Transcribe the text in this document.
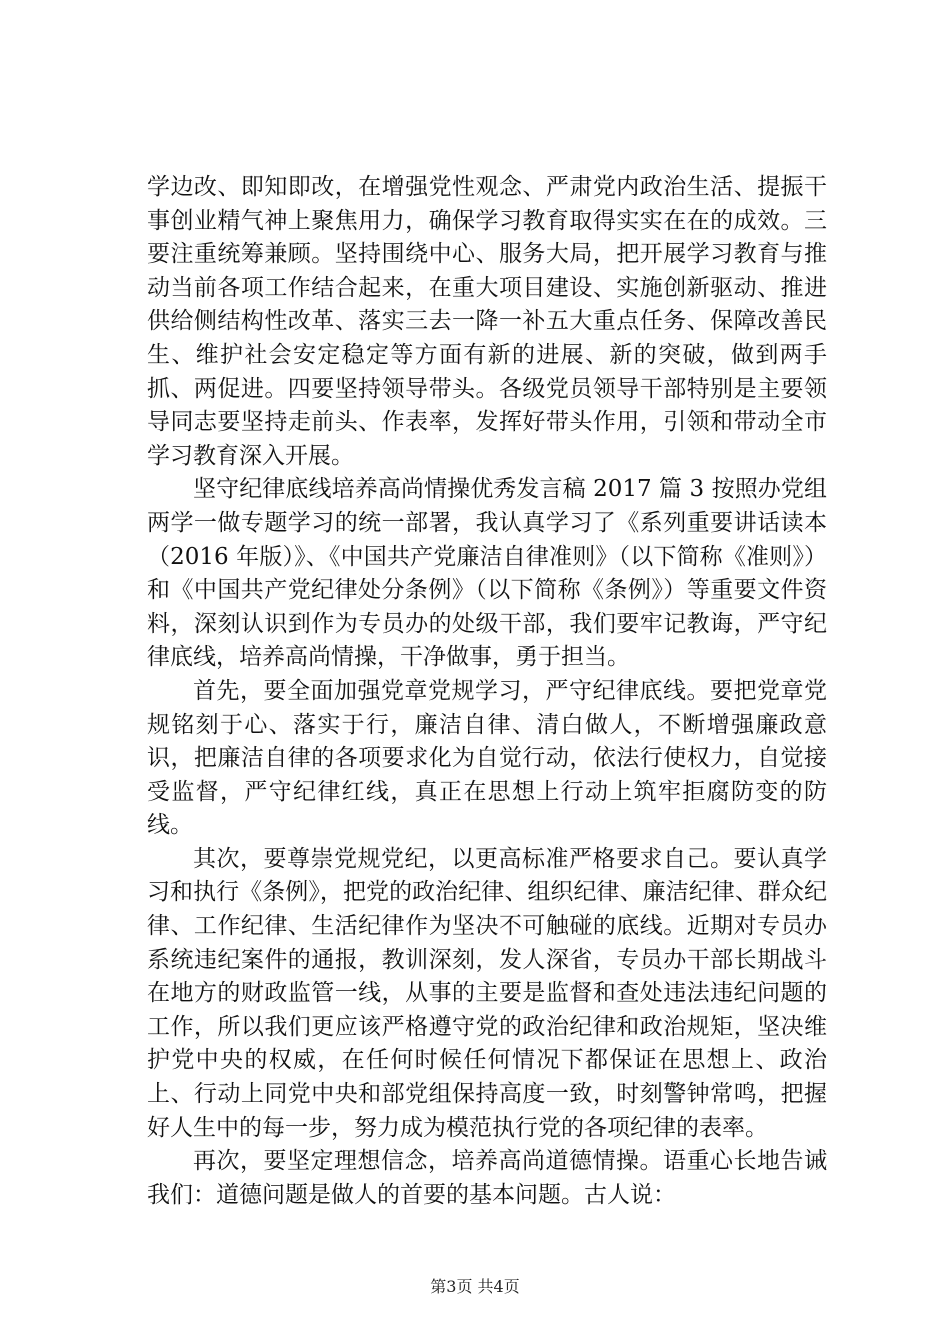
学边改、即知即改，在增强党性观念、严肃党内政治生活、提振干事创业精气神上聚焦用力，确保学习教育取得实实在在的成效。三要注重统筹兼顾。坚持围绕中心、服务大局，把开展学习教育与推动当前各项工作结合起来，在重大项目建设、实施创新驱动、推进供给侧结构性改革、落实三去一降一补五大重点任务、保障改善民生、维护社会安定稳定等方面有新的进展、新的突破，做到两手抓、两促进。四要坚持领导带头。各级党员领导干部特别是主要领导同志要坚持走前头、作表率，发挥好带头作用，引领和带动全市学习教育深入开展。

坚守纪律底线培养高尚情操优秀发言稿 2017 篇 3 按照办党组两学一做专题学习的统一部署，我认真学习了《系列重要讲话读本（2016 年版）》、《中国共产党廉洁自律准则》（以下简称《准则》）和《中国共产党纪律处分条例》（以下简称《条例》）等重要文件资料，深刻认识到作为专员办的处级干部，我们要牢记教诲，严守纪律底线，培养高尚情操，干净做事，勇于担当。

首先，要全面加强党章党规学习，严守纪律底线。要把党章党规铭刻于心、落实于行，廉洁自律、清白做人，不断增强廉政意识，把廉洁自律的各项要求化为自觉行动，依法行使权力，自觉接受监督，严守纪律红线，真正在思想上行动上筑牢拒腐防变的防线。

其次，要尊崇党规党纪，以更高标准严格要求自己。要认真学习和执行《条例》，把党的政治纪律、组织纪律、廉洁纪律、群众纪律、工作纪律、生活纪律作为坚决不可触碰的底线。近期对专员办系统违纪案件的通报，教训深刻，发人深省，专员办干部长期战斗在地方的财政监管一线，从事的主要是监督和查处违法违纪问题的工作，所以我们更应该严格遵守党的政治纪律和政治规矩，坚决维护党中央的权威，在任何时候任何情况下都保证在思想上、政治上、行动上同党中央和部党组保持高度一致，时刻警钟常鸣，把握好人生中的每一步，努力成为模范执行党的各项纪律的表率。

再次，要坚定理想信念，培养高尚道德情操。语重心长地告诫我们：道德问题是做人的首要的基本问题。古人说：

第3页 共4页
